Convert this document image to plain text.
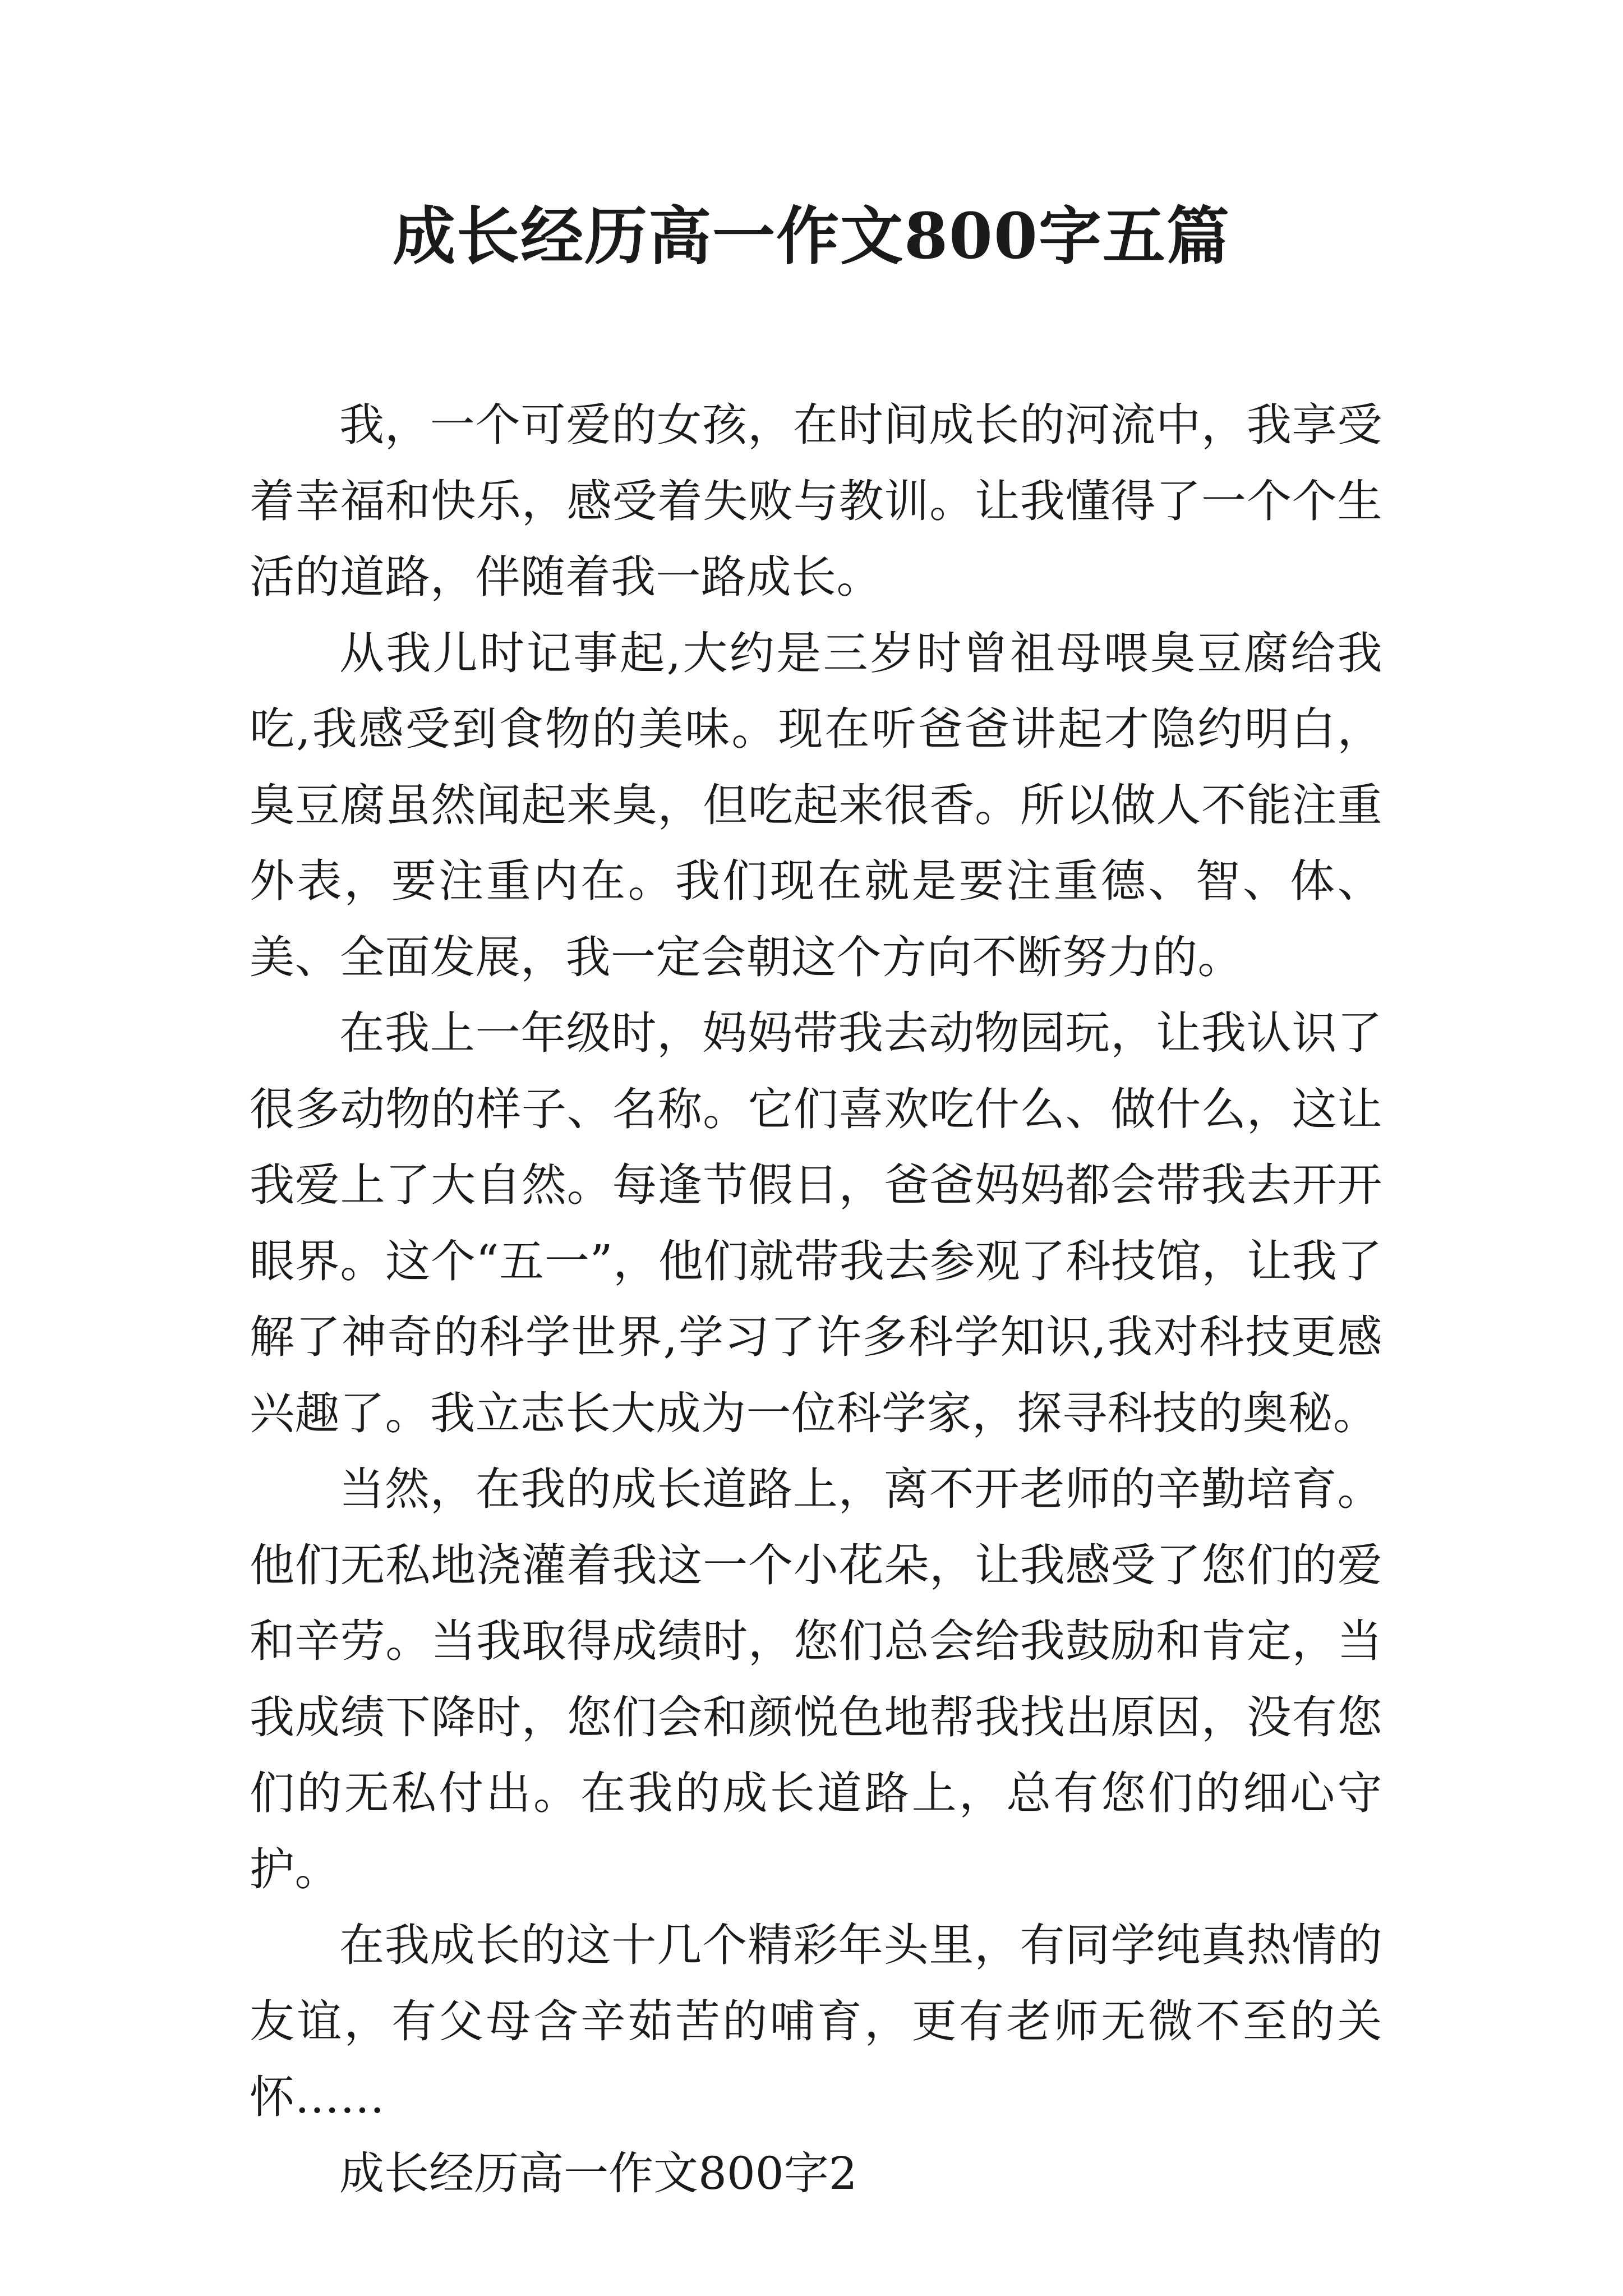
成长经历高一作文800字五篇

我，一个可爱的女孩，在时间成长的河流中，我享受着幸福和快乐，感受着失败与教训。让我懂得了一个个生活的道路，伴随着我一路成长。

从我儿时记事起,大约是三岁时曾祖母喂臭豆腐给我吃,我感受到食物的美味。现在听爸爸讲起才隐约明白，臭豆腐虽然闻起来臭，但吃起来很香。所以做人不能注重外表，要注重内在。我们现在就是要注重德、智、体、美、全面发展，我一定会朝这个方向不断努力的。

在我上一年级时，妈妈带我去动物园玩，让我认识了很多动物的样子、名称。它们喜欢吃什么、做什么，这让我爱上了大自然。每逢节假日，爸爸妈妈都会带我去开开眼界。这个“五一”，他们就带我去参观了科技馆，让我了解了神奇的科学世界,学习了许多科学知识,我对科技更感兴趣了。我立志长大成为一位科学家，探寻科技的奥秘。

当然，在我的成长道路上，离不开老师的辛勤培育。他们无私地浇灌着我这一个小花朵，让我感受了您们的爱和辛劳。当我取得成绩时，您们总会给我鼓励和肯定，当我成绩下降时，您们会和颜悦色地帮我找出原因，没有您们的无私付出。在我的成长道路上，总有您们的细心守护。

在我成长的这十几个精彩年头里，有同学纯真热情的友谊，有父母含辛茹苦的哺育，更有老师无微不至的关怀……

成长经历高一作文800字2
